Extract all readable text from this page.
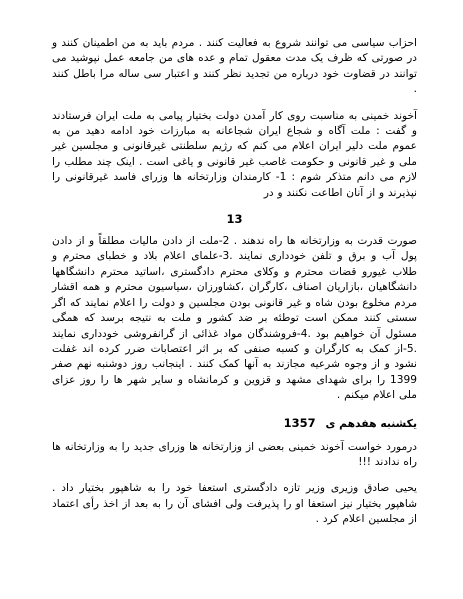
احزاب سیاسی می توانند شروع به فعالیت کنند . مردم باید به من اطمینان کنند و در صورتی که ظرف یک مدت معقول تمام و عده های من جامعه عمل نپوشید می توانند در قضاوت خود درباره من تجدید نظر کنند و اعتبار سی ساله مرا باطل کنند .

آخوند خمینی به مناسبت روی کار آمدن دولت بختیار پیامی به ملت ایران فرستادند و گفت : ملت آگاه و شجاع ایران شجاعانه به مبارزات خود ادامه دهید من به عموم ملت دلیر ایران اعلام می کنم که رژیم سلطنتی غیرقانونی و مجلسین غیر ملی و غیر قانونی و حکومت غاصب غیر قانونی و یاغی است . اینک چند مطلب را لازم می دانم متذکر شوم : 1- کارمندان وزارتخانه ها وزرای فاسد غیرقانونی را نپذیرند و از آنان اطاعت نکنند و در

13

صورت قدرت به وزارتخانه ها راه ندهند . 2-ملت از دادن مالیات مطلقاً و از دادن پول آب و برق و تلفن خودداری نمایند .3-علمای اعلام بلاد و خطبای محترم و طلاب غیورو قضات محترم و وکلای محترم دادگستری ،اساتید محترم دانشگاهها دانشگاهیان ،بازاریان اصناف ،کارگران ،کشاورزان ،سیاسیون محترم و همه اقشار مردم مخلوع بودن شاه و غیر قانونی بودن مجلسین و دولت را اعلام نمایند که اگر سستی کنند ممکن است توطئه بر ضد کشور و ملت به نتیجه برسد که همگی مسئول آن خواهیم بود .4-فروشندگان مواد غذائی از گرانفروشی خودداری نمایند .5-از کمک به کارگران و کسبه صنفی که بر اثر اعتصابات ضرر کرده اند غفلت نشود و از وجوه شرعیه مجازند به آنها کمک کنند . اینجانب روز دوشنبه نهم صفر 1399 را برای شهدای مشهد و قزوین و کرمانشاه و سایر شهر ها را روز عزای ملی اعلام میکنم .

یکشنبه هفدهم ی 1357

درمورد خواست آخوند خمینی بعضی از وزارتخانه ها وزرای جدید را به وزارتخانه ها راه ندادند !!!

یحیی صادق وزیری وزیر تازه دادگستری استعفا خود را به شاهپور بختیار داد . شاهپور بختیار نیز استعفا او را پذیرفت ولی افشای آن را به بعد از اخذ رأی اعتماد از مجلسین اعلام کرد .
